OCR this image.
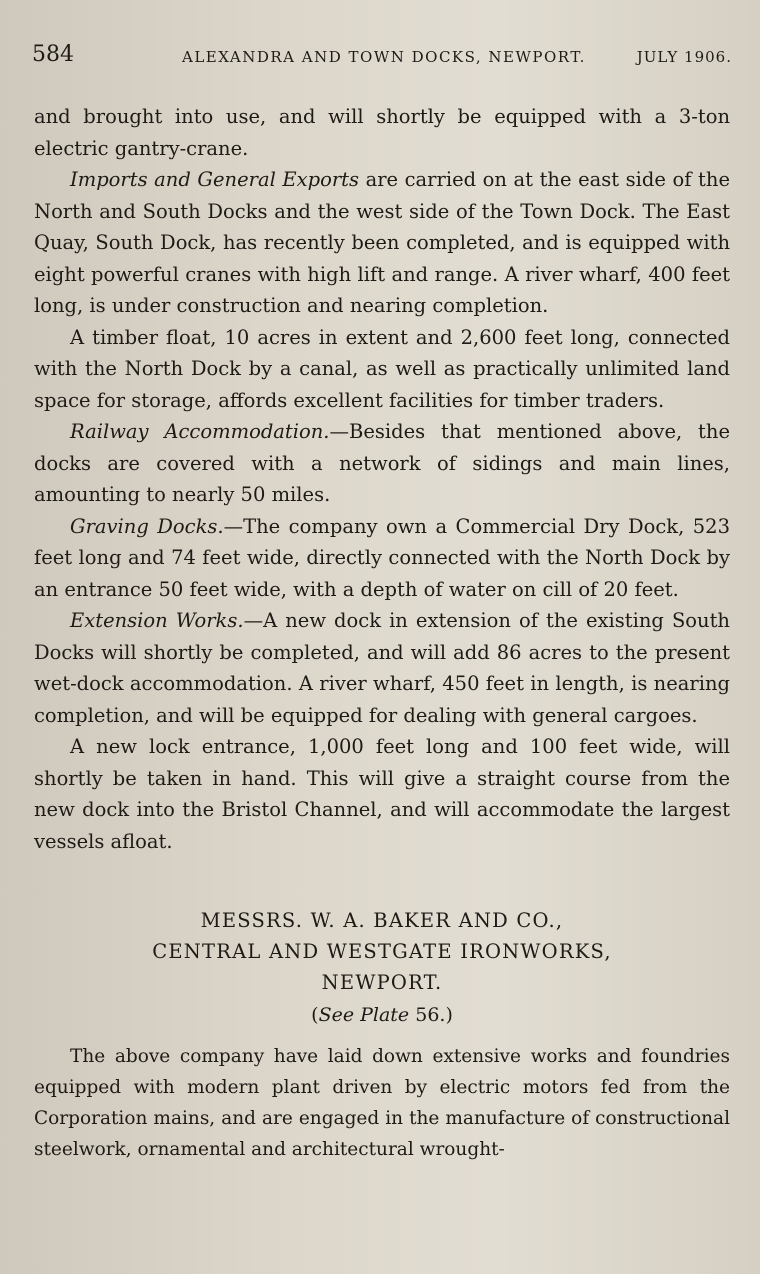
584	ALEXANDRA AND TOWN DOCKS, NEWPORT.	JULY 1906.

and brought into use, and will shortly be equipped with a 3-ton electric gantry-crane.

Imports and General Exports are carried on at the east side of the North and South Docks and the west side of the Town Dock. The East Quay, South Dock, has recently been completed, and is equipped with eight powerful cranes with high lift and range. A river wharf, 400 feet long, is under construction and nearing completion.

A timber float, 10 acres in extent and 2,600 feet long, connected with the North Dock by a canal, as well as practically unlimited land space for storage, affords excellent facilities for timber traders.

Railway Accommodation.—Besides that mentioned above, the docks are covered with a network of sidings and main lines, amounting to nearly 50 miles.

Graving Docks.—The company own a Commercial Dry Dock, 523 feet long and 74 feet wide, directly connected with the North Dock by an entrance 50 feet wide, with a depth of water on cill of 20 feet.

Extension Works.—A new dock in extension of the existing South Docks will shortly be completed, and will add 86 acres to the present wet-dock accommodation. A river wharf, 450 feet in length, is nearing completion, and will be equipped for dealing with general cargoes.

A new lock entrance, 1,000 feet long and 100 feet wide, will shortly be taken in hand. This will give a straight course from the new dock into the Bristol Channel, and will accommodate the largest vessels afloat.

MESSRS. W. A. BAKER AND CO.,
CENTRAL AND WESTGATE IRONWORKS,
NEWPORT.
(See Plate 56.)

The above company have laid down extensive works and foundries equipped with modern plant driven by electric motors fed from the Corporation mains, and are engaged in the manufacture of constructional steelwork, ornamental and architectural wrought-
